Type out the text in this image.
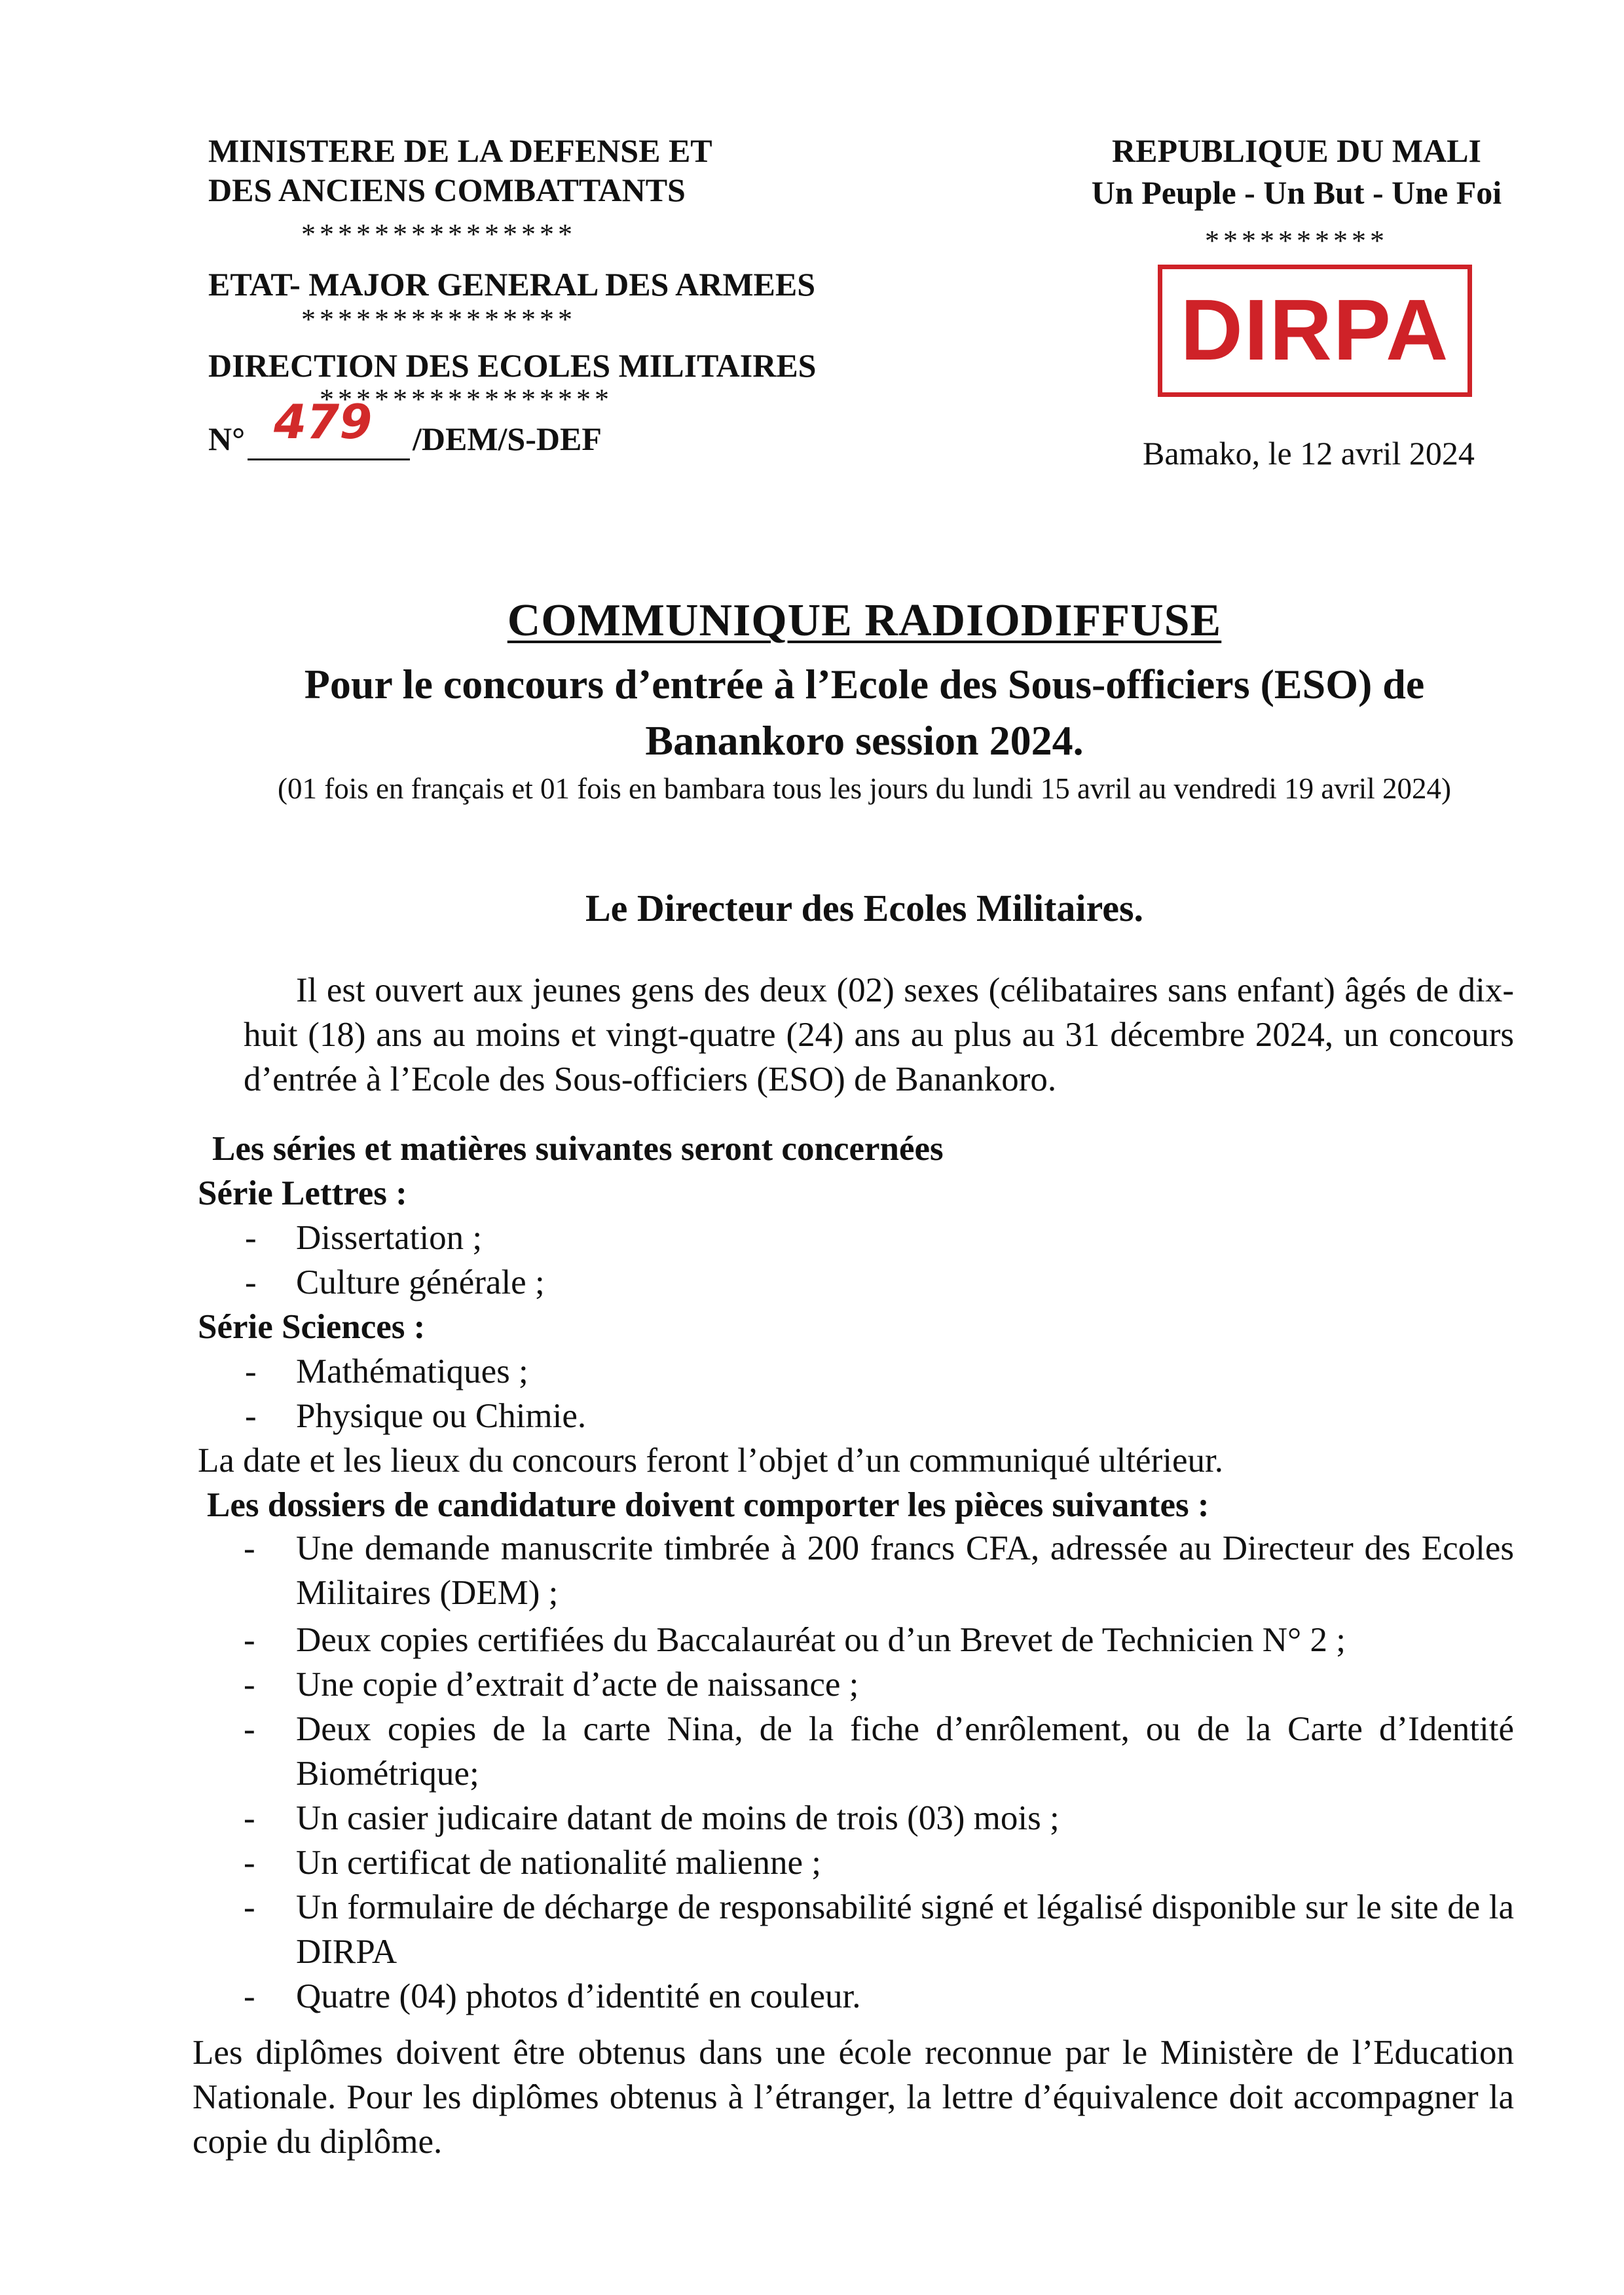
MINISTERE DE LA DEFENSE ET
DES ANCIENS COMBATTANTS
***************
ETAT- MAJOR GENERAL DES ARMEES
***************
DIRECTION DES ECOLES MILITAIRES
****************
N° 479 /DEM/S-DEF
REPUBLIQUE DU MALI
Un Peuple - Un But - Une Foi
**********
DIRPA
Bamako, le 12 avril 2024
COMMUNIQUE RADIODIFFUSE
Pour le concours d’entrée à l’Ecole des Sous-officiers (ESO) de
Banankoro session 2024.
(01 fois en français et 01 fois en bambara tous les jours du lundi 15 avril au vendredi 19 avril 2024)
Le Directeur des Ecoles Militaires.
Il est ouvert aux jeunes gens des deux (02) sexes (célibataires sans enfant) âgés de dix-huit (18) ans au moins et vingt-quatre (24) ans au plus au 31 décembre 2024, un concours d’entrée à l’Ecole des Sous-officiers (ESO) de Banankoro.
Les séries et matières suivantes seront concernées
Série Lettres :
- Dissertation ;
- Culture générale ;
Série Sciences :
- Mathématiques ;
- Physique ou Chimie.
La date et les lieux du concours feront l’objet d’un communiqué ultérieur.
Les dossiers de candidature doivent comporter les pièces suivantes :
- Une demande manuscrite timbrée à 200 francs CFA, adressée au Directeur des Ecoles Militaires (DEM) ;
- Deux copies certifiées du Baccalauréat ou d’un Brevet de Technicien N° 2 ;
- Une copie d’extrait d’acte de naissance ;
- Deux copies de la carte Nina, de la fiche d’enrôlement, ou de la Carte d’Identité Biométrique;
- Un casier judicaire datant de moins de trois (03) mois ;
- Un certificat de nationalité malienne ;
- Un formulaire de décharge de responsabilité signé et légalisé disponible sur le site de la DIRPA
- Quatre (04) photos d’identité en couleur.
Les diplômes doivent être obtenus dans une école reconnue par le Ministère de l’Education Nationale. Pour les diplômes obtenus à l’étranger, la lettre d’équivalence doit accompagner la copie du diplôme.
